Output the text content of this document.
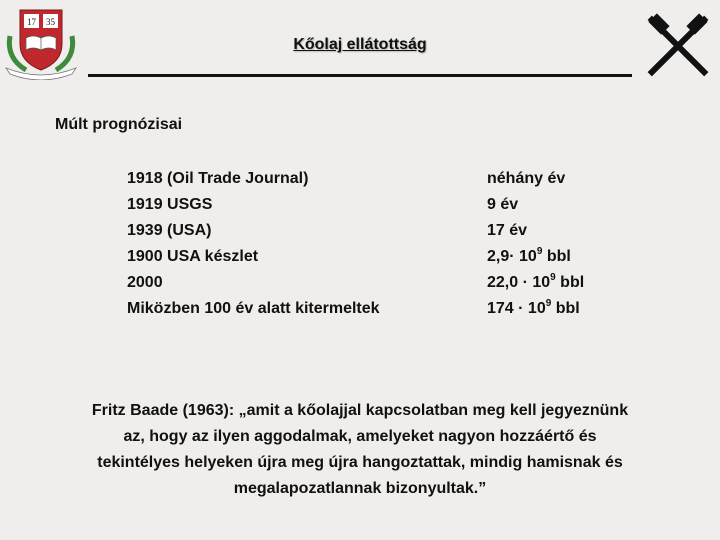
17 35
Kőolaj ellátottság
Múlt prognózisai
1918 (Oil Trade Journal)
1919 USGS
1939 (USA)
1900 USA készlet
2000
Miközben 100 év alatt kitermeltek
néhány év
9 év
17 év
$2,9\cdot 10^9$ bbl
$22,0 \cdot 10^9$ bbl
$174 \cdot 10^9$ bbl
Fritz Baade (1963): „amit a kőolajjal kapcsolatban meg kell jegyeznünk
az, hogy az ilyen aggodalmak, amelyeket nagyon hozzáértő és
tekintélyes helyeken újra meg újra hangoztattak, mindig hamisnak és
megalapozatlannak bizonyultak.”
